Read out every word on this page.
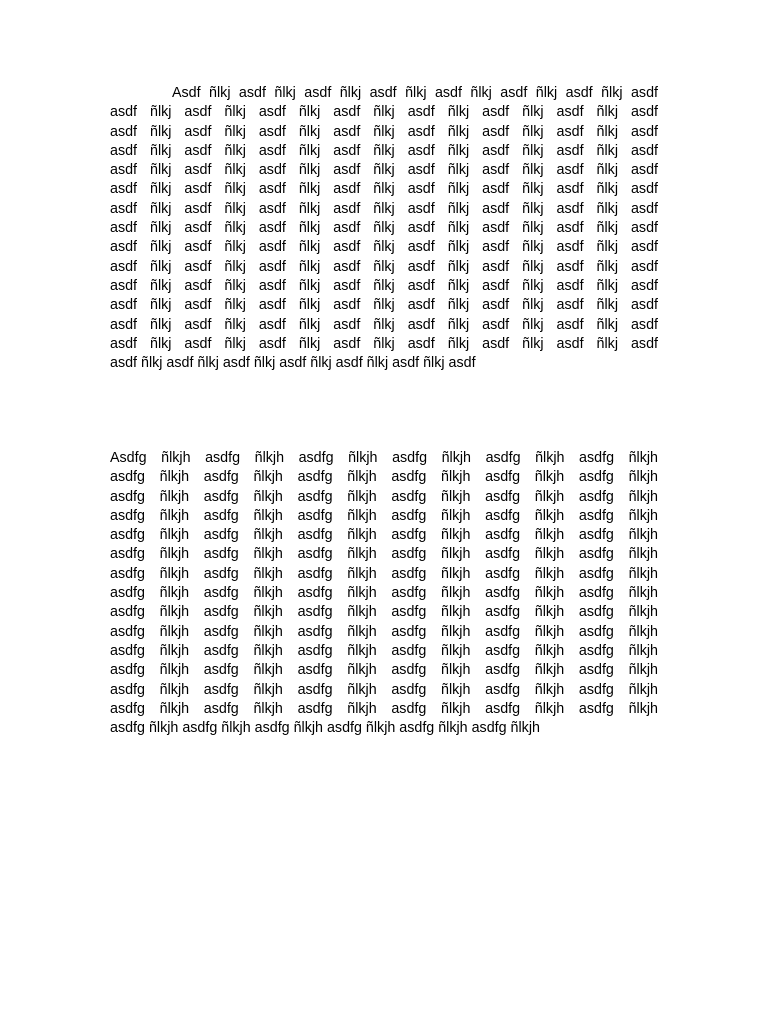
Asdf ñlkj asdf ñlkj asdf ñlkj asdf ñlkj asdf ñlkj asdf ñlkj asdf ñlkj asdf
asdf ñlkj asdf ñlkj asdf ñlkj asdf ñlkj asdf ñlkj asdf ñlkj asdf ñlkj asdf
asdf ñlkj asdf ñlkj asdf ñlkj asdf ñlkj asdf ñlkj asdf ñlkj asdf ñlkj asdf
asdf ñlkj asdf ñlkj asdf ñlkj asdf ñlkj asdf ñlkj asdf ñlkj asdf ñlkj asdf
asdf ñlkj asdf ñlkj asdf ñlkj asdf ñlkj asdf ñlkj asdf ñlkj asdf ñlkj asdf
asdf ñlkj asdf ñlkj asdf ñlkj asdf ñlkj asdf ñlkj asdf ñlkj asdf ñlkj asdf
asdf ñlkj asdf ñlkj asdf ñlkj asdf ñlkj asdf ñlkj asdf ñlkj asdf ñlkj asdf
asdf ñlkj asdf ñlkj asdf ñlkj asdf ñlkj asdf ñlkj asdf ñlkj asdf ñlkj asdf
asdf ñlkj asdf ñlkj asdf ñlkj asdf ñlkj asdf ñlkj asdf ñlkj asdf ñlkj asdf
asdf ñlkj asdf ñlkj asdf ñlkj asdf ñlkj asdf ñlkj asdf ñlkj asdf ñlkj asdf
asdf ñlkj asdf ñlkj asdf ñlkj asdf ñlkj asdf ñlkj asdf ñlkj asdf ñlkj asdf
asdf ñlkj asdf ñlkj asdf ñlkj asdf ñlkj asdf ñlkj asdf ñlkj asdf ñlkj asdf
asdf ñlkj asdf ñlkj asdf ñlkj asdf ñlkj asdf ñlkj asdf ñlkj asdf ñlkj asdf
asdf ñlkj asdf ñlkj asdf ñlkj asdf ñlkj asdf ñlkj asdf ñlkj asdf ñlkj asdf
asdf ñlkj asdf ñlkj asdf ñlkj asdf ñlkj asdf ñlkj asdf ñlkj asdf

Asdfg ñlkjh asdfg ñlkjh asdfg ñlkjh asdfg ñlkjh asdfg ñlkjh asdfg ñlkjh
asdfg ñlkjh asdfg ñlkjh asdfg ñlkjh asdfg ñlkjh asdfg ñlkjh asdfg ñlkjh
asdfg ñlkjh asdfg ñlkjh asdfg ñlkjh asdfg ñlkjh asdfg ñlkjh asdfg ñlkjh
asdfg ñlkjh asdfg ñlkjh asdfg ñlkjh asdfg ñlkjh asdfg ñlkjh asdfg ñlkjh
asdfg ñlkjh asdfg ñlkjh asdfg ñlkjh asdfg ñlkjh asdfg ñlkjh asdfg ñlkjh
asdfg ñlkjh asdfg ñlkjh asdfg ñlkjh asdfg ñlkjh asdfg ñlkjh asdfg ñlkjh
asdfg ñlkjh asdfg ñlkjh asdfg ñlkjh asdfg ñlkjh asdfg ñlkjh asdfg ñlkjh
asdfg ñlkjh asdfg ñlkjh asdfg ñlkjh asdfg ñlkjh asdfg ñlkjh asdfg ñlkjh
asdfg ñlkjh asdfg ñlkjh asdfg ñlkjh asdfg ñlkjh asdfg ñlkjh asdfg ñlkjh
asdfg ñlkjh asdfg ñlkjh asdfg ñlkjh asdfg ñlkjh asdfg ñlkjh asdfg ñlkjh
asdfg ñlkjh asdfg ñlkjh asdfg ñlkjh asdfg ñlkjh asdfg ñlkjh asdfg ñlkjh
asdfg ñlkjh asdfg ñlkjh asdfg ñlkjh asdfg ñlkjh asdfg ñlkjh asdfg ñlkjh
asdfg ñlkjh asdfg ñlkjh asdfg ñlkjh asdfg ñlkjh asdfg ñlkjh asdfg ñlkjh
asdfg ñlkjh asdfg ñlkjh asdfg ñlkjh asdfg ñlkjh asdfg ñlkjh asdfg ñlkjh
asdfg ñlkjh asdfg ñlkjh asdfg ñlkjh asdfg ñlkjh asdfg ñlkjh asdfg ñlkjh
